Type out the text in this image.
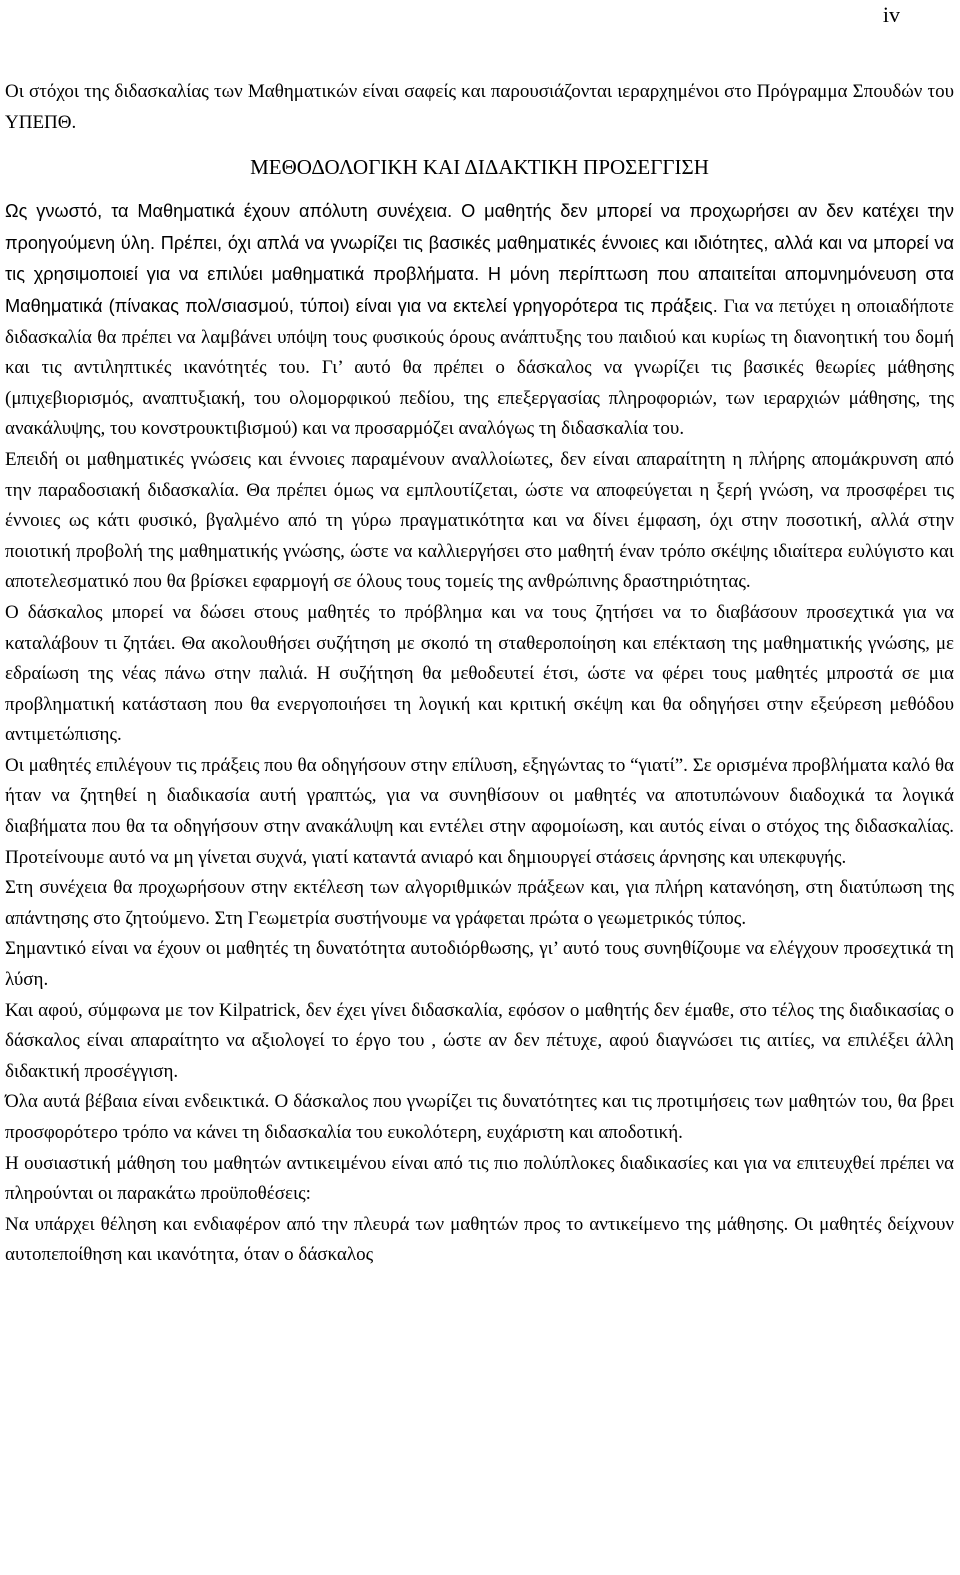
iv

Οι στόχοι της διδασκαλίας των Μαθηματικών είναι σαφείς και παρουσιάζονται ιεραρχημένοι στο Πρόγραμμα Σπουδών του ΥΠΕΠΘ.

ΜΕΘΟΔΟΛΟΓΙΚΗ ΚΑΙ ΔΙΔΑΚΤΙΚΗ ΠΡΟΣΕΓΓΙΣΗ

Ως γνωστό, τα Μαθηματικά έχουν απόλυτη συνέχεια. Ο μαθητής δεν μπορεί να προχωρήσει αν δεν κατέχει την προηγούμενη ύλη. Πρέπει, όχι απλά να γνωρίζει τις βασικές μαθηματικές έννοιες και ιδιότητες, αλλά και να μπορεί να τις χρησιμοποιεί για να επιλύει μαθηματικά προβλήματα. Η μόνη περίπτωση που απαιτείται απομνημόνευση στα Μαθηματικά (πίνακας πολ/σιασμού, τύποι) είναι για να εκτελεί γρηγορότερα τις πράξεις. Για να πετύχει η οποιαδήποτε διδασκαλία θα πρέπει να λαμβάνει υπόψη τους φυσικούς όρους ανάπτυξης του παιδιού και κυρίως τη διανοητική του δομή και τις αντιληπτικές ικανότητές του. Γι’ αυτό θα πρέπει ο δάσκαλος να γνωρίζει τις βασικές θεωρίες μάθησης (μπιχεβιορισμός, αναπτυξιακή, του ολομορφικού πεδίου, της επεξεργασίας πληροφοριών, των ιεραρχιών μάθησης, της ανακάλυψης, του κονστρουκτιβισμού) και να προσαρμόζει αναλόγως τη διδασκαλία του.

Επειδή οι μαθηματικές γνώσεις και έννοιες παραμένουν αναλλοίωτες, δεν είναι απαραίτητη η πλήρης απομάκρυνση από την παραδοσιακή διδασκαλία. Θα πρέπει όμως να εμπλουτίζεται, ώστε να αποφεύγεται η ξερή γνώση, να προσφέρει τις έννοιες ως κάτι φυσικό, βγαλμένο από τη γύρω πραγματικότητα και να δίνει έμφαση, όχι στην ποσοτική, αλλά στην ποιοτική προβολή της μαθηματικής γνώσης, ώστε να καλλιεργήσει στο μαθητή έναν τρόπο σκέψης ιδιαίτερα ευλύγιστο και αποτελεσματικό που θα βρίσκει εφαρμογή σε όλους τους τομείς της ανθρώπινης δραστηριότητας.

Ο δάσκαλος μπορεί να δώσει στους μαθητές το πρόβλημα και να τους ζητήσει να το διαβάσουν προσεχτικά για να καταλάβουν τι ζητάει. Θα ακολουθήσει συζήτηση με σκοπό τη σταθεροποίηση και επέκταση της μαθηματικής γνώσης, με εδραίωση της νέας πάνω στην παλιά. Η συζήτηση θα μεθοδευτεί έτσι, ώστε να φέρει τους μαθητές μπροστά σε μια προβληματική κατάσταση που θα ενεργοποιήσει τη λογική και κριτική σκέψη και θα οδηγήσει στην εξεύρεση μεθόδου αντιμετώπισης.

Οι μαθητές επιλέγουν τις πράξεις που θα οδηγήσουν στην επίλυση, εξηγώντας το “γιατί”. Σε ορισμένα προβλήματα καλό θα ήταν να ζητηθεί η διαδικασία αυτή γραπτώς, για να συνηθίσουν οι μαθητές να αποτυπώνουν διαδοχικά τα λογικά διαβήματα που θα τα οδηγήσουν στην ανακάλυψη και εντέλει στην αφομοίωση, και αυτός είναι ο στόχος της διδασκαλίας. Προτείνουμε αυτό να μη γίνεται συχνά, γιατί καταντά ανιαρό και δημιουργεί στάσεις άρνησης και υπεκφυγής.

Στη συνέχεια θα προχωρήσουν στην εκτέλεση των αλγοριθμικών πράξεων και, για πλήρη κατανόηση, στη διατύπωση της απάντησης στο ζητούμενο. Στη Γεωμετρία συστήνουμε να γράφεται πρώτα ο γεωμετρικός τύπος.

Σημαντικό είναι να έχουν οι μαθητές τη δυνατότητα αυτοδιόρθωσης, γι’ αυτό τους συνηθίζουμε να ελέγχουν προσεχτικά τη λύση.

Και αφού, σύμφωνα με τον Kilpatrick, δεν έχει γίνει διδασκαλία, εφόσον ο μαθητής δεν έμαθε, στο τέλος της διαδικασίας ο δάσκαλος είναι απαραίτητο να αξιολογεί το έργο του , ώστε αν δεν πέτυχε, αφού διαγνώσει τις αιτίες, να επιλέξει άλλη διδακτική προσέγγιση.

Όλα αυτά βέβαια είναι ενδεικτικά. Ο δάσκαλος που γνωρίζει τις δυνατότητες και τις προτιμήσεις των μαθητών του, θα βρει προσφορότερο τρόπο να κάνει τη διδασκαλία του ευκολότερη, ευχάριστη και αποδοτική.

Η ουσιαστική μάθηση του μαθητών αντικειμένου είναι από τις πιο πολύπλοκες διαδικασίες και για να επιτευχθεί πρέπει να πληρούνται οι παρακάτω προϋποθέσεις:

Να υπάρχει θέληση και ενδιαφέρον από την πλευρά των μαθητών προς το αντικείμενο της μάθησης. Οι μαθητές δείχνουν αυτοπεποίθηση και ικανότητα, όταν ο δάσκαλος
